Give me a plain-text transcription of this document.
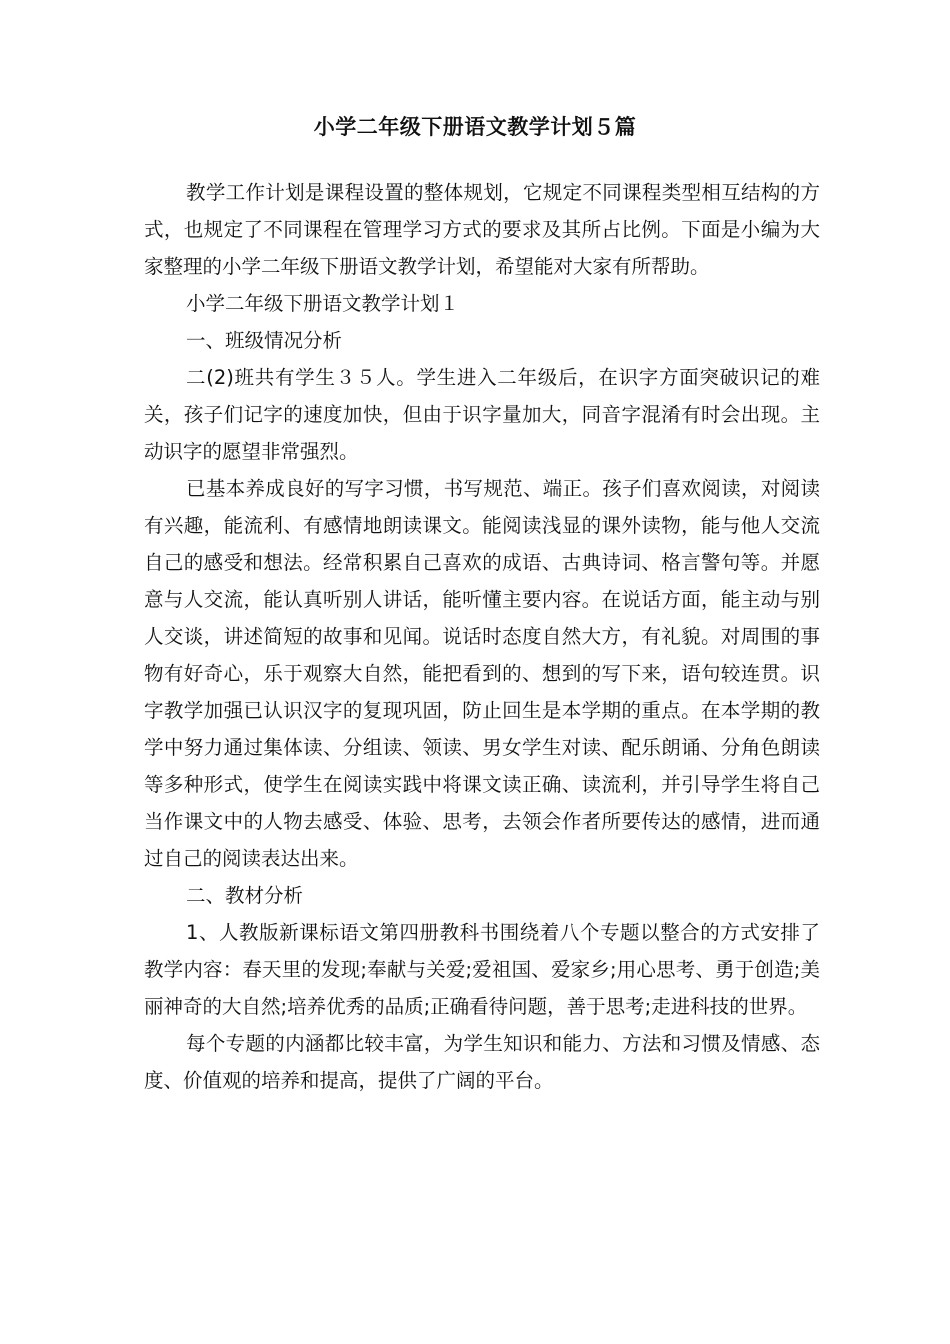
小学二年级下册语文教学计划５篇

教学工作计划是课程设置的整体规划，它规定不同课程类型相互结构的方式，也规定了不同课程在管理学习方式的要求及其所占比例。下面是小编为大家整理的小学二年级下册语文教学计划，希望能对大家有所帮助。

小学二年级下册语文教学计划１

一、班级情况分析

二(2)班共有学生３５人。学生进入二年级后，在识字方面突破识记的难关，孩子们记字的速度加快，但由于识字量加大，同音字混淆有时会出现。主动识字的愿望非常强烈。

已基本养成良好的写字习惯，书写规范、端正。孩子们喜欢阅读，对阅读有兴趣，能流利、有感情地朗读课文。能阅读浅显的课外读物，能与他人交流自己的感受和想法。经常积累自己喜欢的成语、古典诗词、格言警句等。并愿意与人交流，能认真听别人讲话，能听懂主要内容。在说话方面，能主动与别人交谈，讲述简短的故事和见闻。说话时态度自然大方，有礼貌。对周围的事物有好奇心，乐于观察大自然，能把看到的、想到的写下来，语句较连贯。识字教学加强已认识汉字的复现巩固，防止回生是本学期的重点。在本学期的教学中努力通过集体读、分组读、领读、男女学生对读、配乐朗诵、分角色朗读等多种形式，使学生在阅读实践中将课文读正确、读流利，并引导学生将自己当作课文中的人物去感受、体验、思考，去领会作者所要传达的感情，进而通过自己的阅读表达出来。

二、教材分析

1、人教版新课标语文第四册教科书围绕着八个专题以整合的方式安排了教学内容：春天里的发现;奉献与关爱;爱祖国、爱家乡;用心思考、勇于创造;美丽神奇的大自然;培养优秀的品质;正确看待问题，善于思考;走进科技的世界。

每个专题的内涵都比较丰富，为学生知识和能力、方法和习惯及情感、态度、价值观的培养和提高，提供了广阔的平台。
